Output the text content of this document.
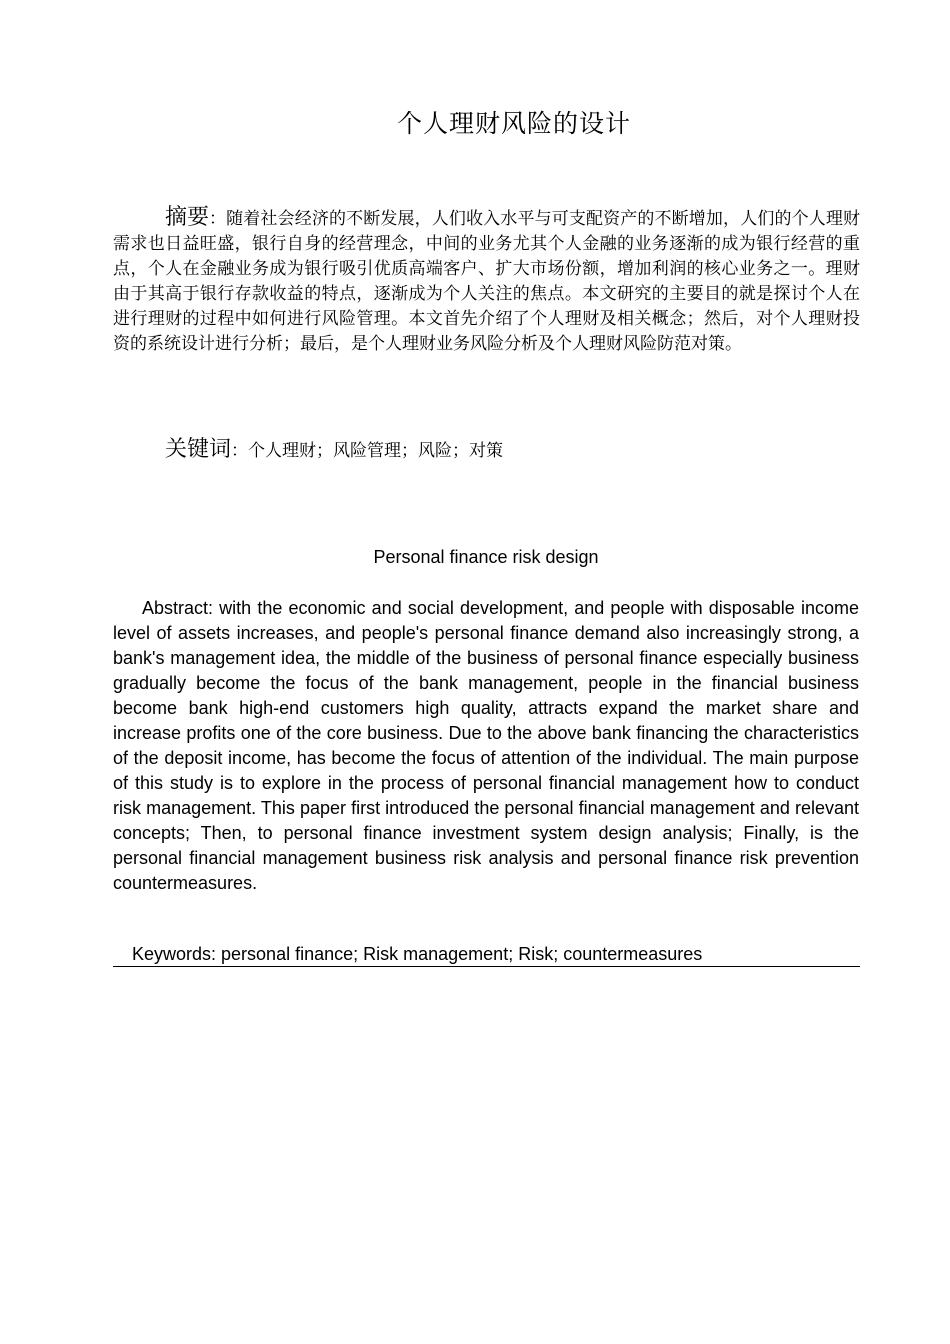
个人理财风险的设计
摘要：随着社会经济的不断发展，人们收入水平与可支配资产的不断增加，人们的个人理财需求也日益旺盛，银行自身的经营理念，中间的业务尤其个人金融的业务逐渐的成为银行经营的重点，个人在金融业务成为银行吸引优质高端客户、扩大市场份额，增加利润的核心业务之一。理财由于其高于银行存款收益的特点，逐渐成为个人关注的焦点。本文研究的主要目的就是探讨个人在进行理财的过程中如何进行风险管理。本文首先介绍了个人理财及相关概念；然后，对个人理财投资的系统设计进行分析；最后，是个人理财业务风险分析及个人理财风险防范对策。
关键词：个人理财；风险管理；风险；对策
Personal finance risk design
Abstract: with the economic and social development, and people with disposable income level of assets increases, and people's personal finance demand also increasingly strong, a bank's management idea, the middle of the business of personal finance especially business gradually become the focus of the bank management, people in the financial business become bank high-end customers high quality, attracts expand the market share and increase profits one of the core business. Due to the above bank financing the characteristics of the deposit income, has become the focus of attention of the individual. The main purpose of this study is to explore in the process of personal financial management how to conduct risk management. This paper first introduced the personal financial management and relevant concepts; Then, to personal finance investment system design analysis; Finally, is the personal financial management business risk analysis and personal finance risk prevention countermeasures.
Keywords: personal finance; Risk management; Risk; countermeasures
